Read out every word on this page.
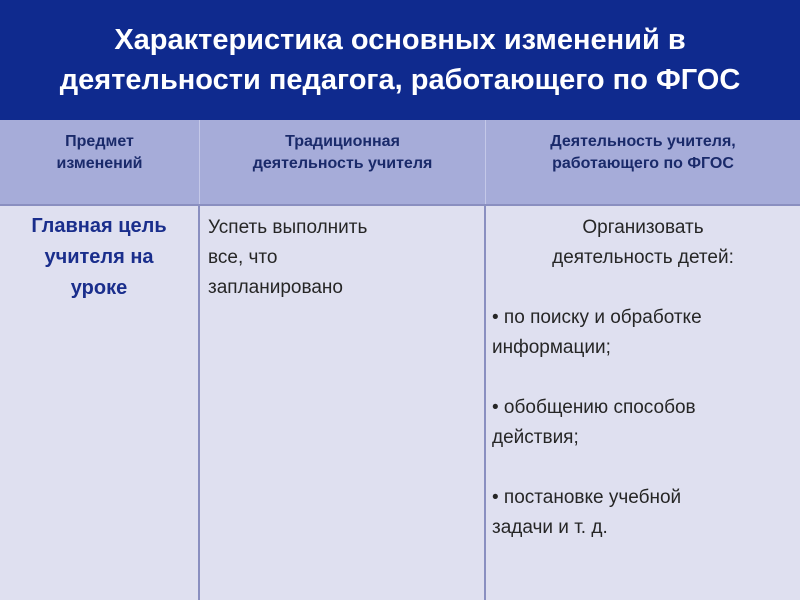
Характеристика основных изменений в
деятельности педагога, работающего по ФГОС
Предмет
изменений
Традиционная
деятельность учителя
Деятельность учителя,
работающего по ФГОС
Главная цель
учителя на
уроке
Успеть выполнить
все, что
запланировано
Организовать
деятельность детей:
• по поиску и обработке
информации;
• обобщению способов
действия;
• постановке учебной
задачи и т. д.
